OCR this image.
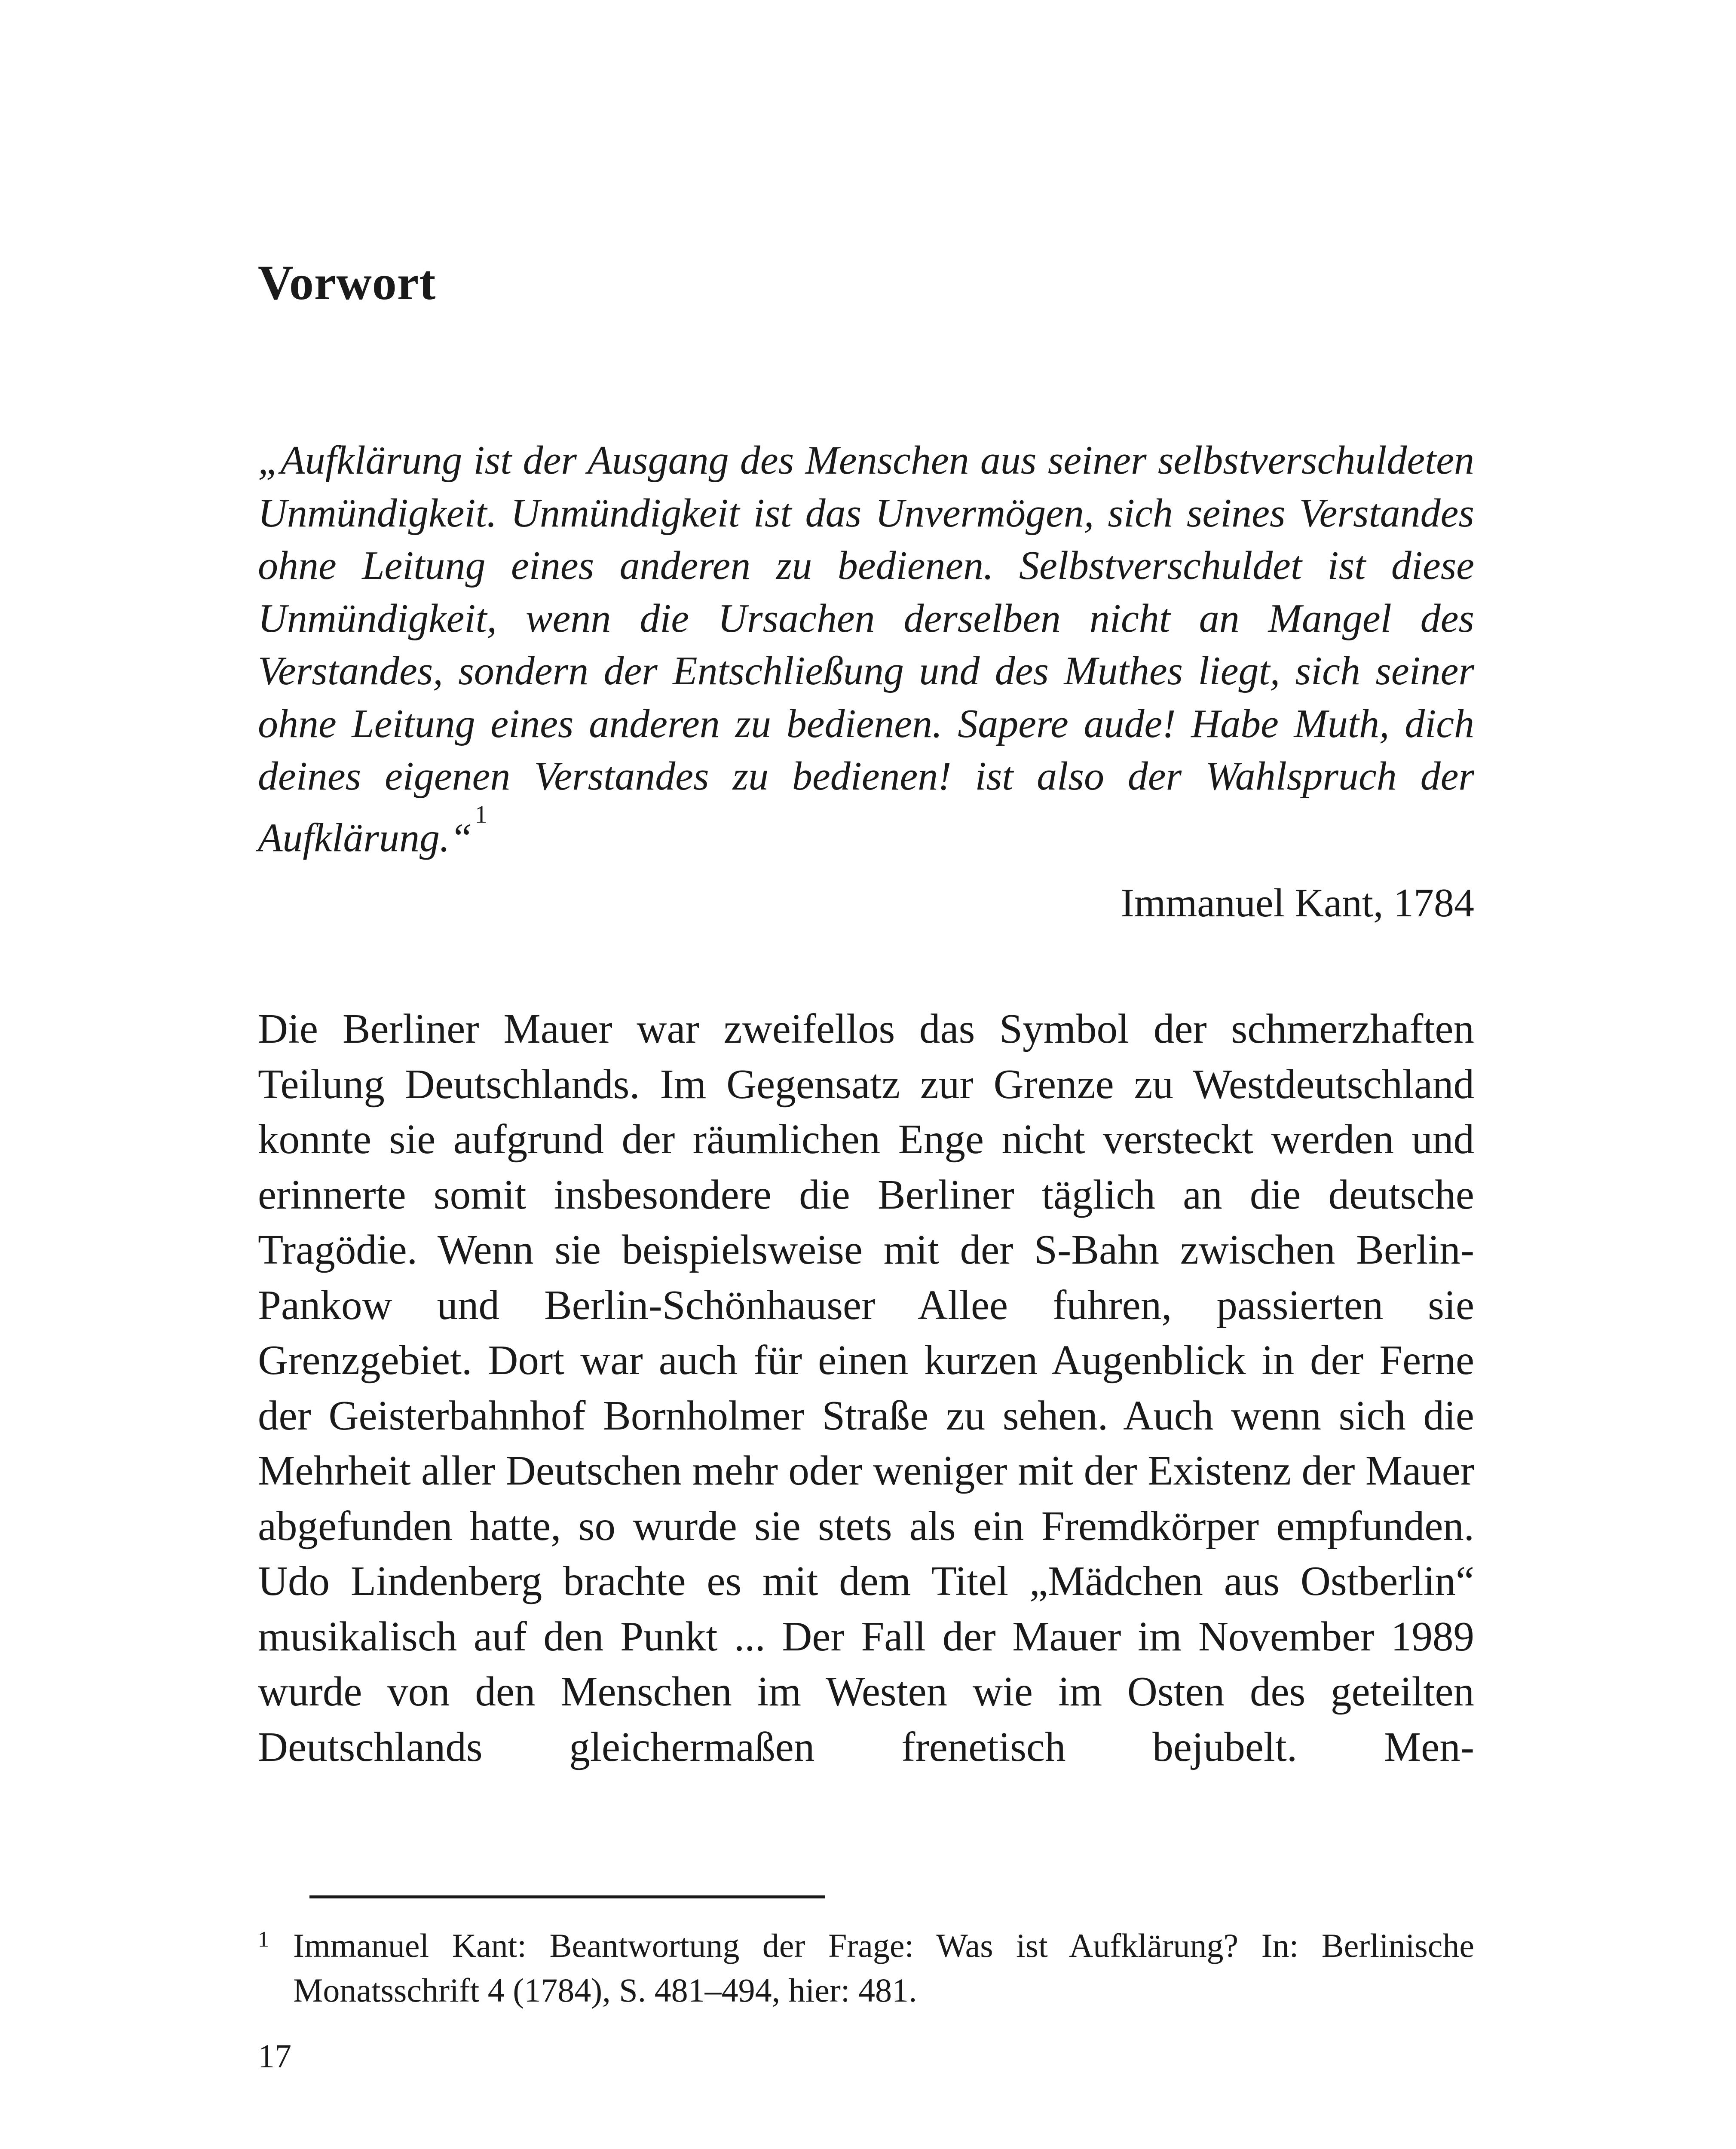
Vorwort

„Aufklärung ist der Ausgang des Menschen aus seiner selbstverschuldeten Unmündigkeit. Unmündigkeit ist das Unvermögen, sich seines Verstandes ohne Leitung eines anderen zu bedienen. Selbstverschuldet ist diese Unmündigkeit, wenn die Ursachen derselben nicht an Mangel des Verstandes, sondern der Entschließung und des Muthes liegt, sich seiner ohne Leitung eines anderen zu bedienen. Sapere aude! Habe Muth, dich deines eigenen Verstandes zu bedienen! ist also der Wahlspruch der Aufklärung.“$^1$

Immanuel Kant, 1784

Die Berliner Mauer war zweifellos das Symbol der schmerzhaften Teilung Deutschlands. Im Gegensatz zur Grenze zu Westdeutschland konnte sie aufgrund der räumlichen Enge nicht versteckt werden und erinnerte somit insbesondere die Berliner täglich an die deutsche Tragödie. Wenn sie beispielsweise mit der S-Bahn zwischen Berlin-Pankow und Berlin-Schönhauser Allee fuhren, passierten sie Grenzgebiet. Dort war auch für einen kurzen Augenblick in der Ferne der Geisterbahnhof Bornholmer Straße zu sehen. Auch wenn sich die Mehrheit aller Deutschen mehr oder weniger mit der Existenz der Mauer abgefunden hatte, so wurde sie stets als ein Fremdkörper empfunden. Udo Lindenberg brachte es mit dem Titel „Mädchen aus Ostberlin“ musikalisch auf den Punkt ... Der Fall der Mauer im November 1989 wurde von den Menschen im Westen wie im Osten des geteilten Deutschlands gleichermaßen frenetisch bejubelt. Men-

1 Immanuel Kant: Beantwortung der Frage: Was ist Aufklärung? In: Berlinische Monatsschrift 4 (1784), S. 481–494, hier: 481.

17
